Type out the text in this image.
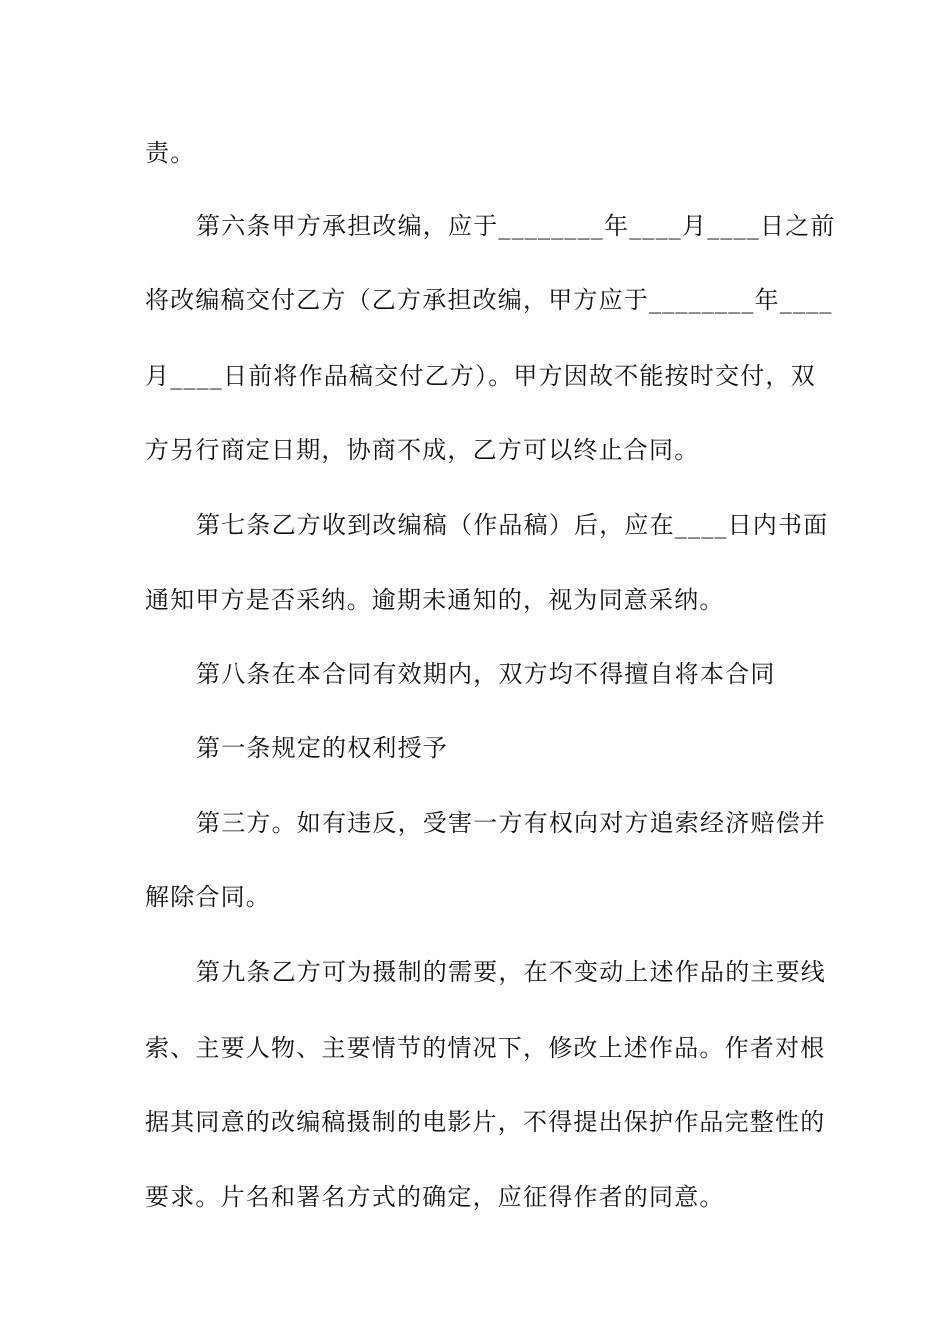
责。
第六条甲方承担改编，应于________年____月____日之前
将改编稿交付乙方（乙方承担改编，甲方应于________年____
月____日前将作品稿交付乙方）。甲方因故不能按时交付，双
方另行商定日期，协商不成，乙方可以终止合同。
第七条乙方收到改编稿（作品稿）后，应在____日内书面
通知甲方是否采纳。逾期未通知的，视为同意采纳。
第八条在本合同有效期内，双方均不得擅自将本合同
第一条规定的权利授予
第三方。如有违反，受害一方有权向对方追索经济赔偿并
解除合同。
第九条乙方可为摄制的需要，在不变动上述作品的主要线
索、主要人物、主要情节的情况下，修改上述作品。作者对根
据其同意的改编稿摄制的电影片，不得提出保护作品完整性的
要求。片名和署名方式的确定，应征得作者的同意。
